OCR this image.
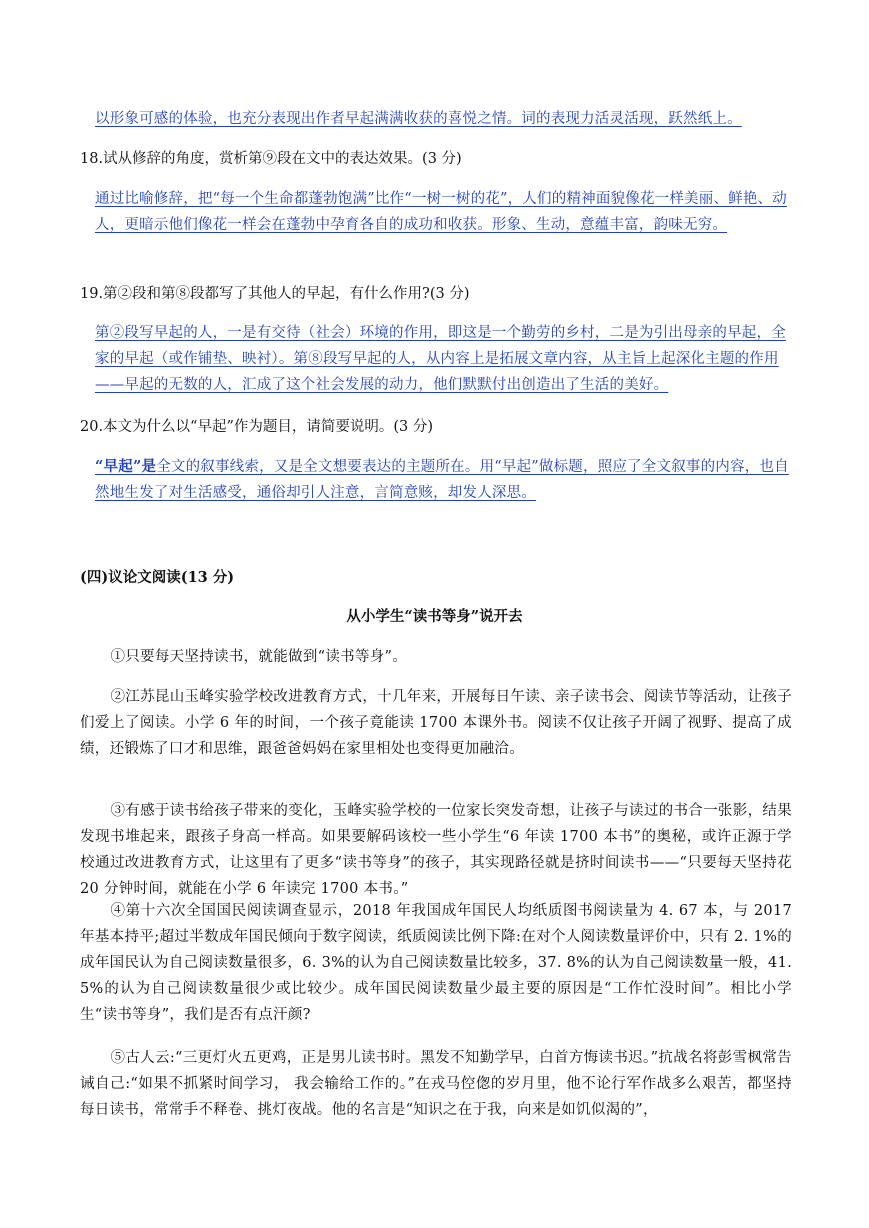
以形象可感的体验，也充分表现出作者早起满满收获的喜悦之情。词的表现力活灵活现，跃然纸上。
18.试从修辞的角度，赏析第⑨段在文中的表达效果。(3 分)
通过比喻修辞，把“每一个生命都蓬勃饱满”比作“一树一树的花”，人们的精神面貌像花一样美丽、鲜艳、动人，更暗示他们像花一样会在蓬勃中孕育各自的成功和收获。形象、生动，意蕴丰富，韵味无穷。
19.第②段和第⑧段都写了其他人的早起，有什么作用?(3 分)
第②段写早起的人，一是有交待（社会）环境的作用，即这是一个勤劳的乡村，二是为引出母亲的早起，全家的早起（或作铺垫、映衬）。第⑧段写早起的人，从内容上是拓展文章内容，从主旨上起深化主题的作用——早起的无数的人，汇成了这个社会发展的动力，他们默默付出创造出了生活的美好。
20.本文为什么以“早起”作为题目，请简要说明。(3 分)
“早起”是全文的叙事线索，又是全文想要表达的主题所在。用“早起”做标题，照应了全文叙事的内容，也自然地生发了对生活感受，通俗却引人注意，言简意赅，却发人深思。
(四)议论文阅读(13 分)
从小学生“读书等身”说开去
①只要每天坚持读书，就能做到“读书等身”。
②江苏昆山玉峰实验学校改进教育方式，十几年来，开展每日午读、亲子读书会、阅读节等活动，让孩子们爱上了阅读。小学 6 年的时间，一个孩子竟能读 1700 本课外书。阅读不仅让孩子开阔了视野、提高了成绩，还锻炼了口才和思维，跟爸爸妈妈在家里相处也变得更加融洽。
③有感于读书给孩子带来的变化，玉峰实验学校的一位家长突发奇想，让孩子与读过的书合一张影，结果发现书堆起来，跟孩子身高一样高。如果要解码该校一些小学生“6 年读 1700 本书”的奥秘，或许正源于学校通过改进教育方式，让这里有了更多“读书等身”的孩子，其实现路径就是挤时间读书——“只要每天坚持花 20 分钟时间，就能在小学 6 年读完 1700 本书。”
④第十六次全国国民阅读调查显示，2018 年我国成年国民人均纸质图书阅读量为 4. 67 本，与 2017 年基本持平;超过半数成年国民倾向于数字阅读，纸质阅读比例下降:在对个人阅读数量评价中，只有 2. 1%的成年国民认为自己阅读数量很多，6. 3%的认为自己阅读数量比较多，37. 8%的认为自己阅读数量一般，41. 5%的认为自己阅读数量很少或比较少。成年国民阅读数量少最主要的原因是“工作忙没时间”。相比小学生“读书等身”，我们是否有点汗颜?
⑤古人云:“三更灯火五更鸡，正是男儿读书时。黑发不知勤学早，白首方悔读书迟。”抗战名将彭雪枫常告诫自己:“如果不抓紧时间学习， 我会输给工作的。”在戎马倥偬的岁月里，他不论行军作战多么艰苦，都坚持每日读书，常常手不释卷、挑灯夜战。他的名言是“知识之在于我，向来是如饥似渴的”，
